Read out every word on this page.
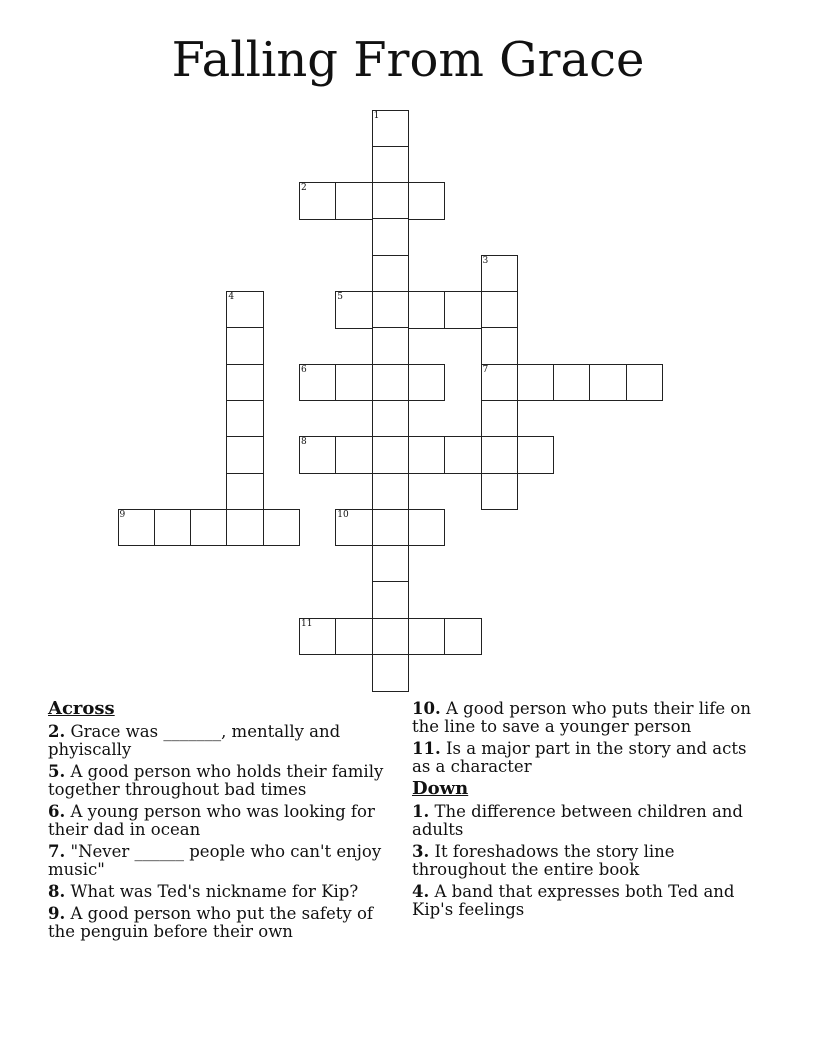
Falling From Grace
1
2
3
4	5
6	7
8
9	10
11
Across
2 . Grace was _______, mentally and phyiscally
5 . A good person who holds their family together throughout bad times
6 . A young person who was looking for their dad in ocean
7 . "Never ______ people who can't enjoy music"
8 . What was Ted's nickname for Kip?
9 . A good person who put the safety of the penguin before their own
10 . A good person who puts their life on the line to save a younger person
11 . Is a major part in the story and acts as a character
Down
1 . The difference between children and adults
3 . It foreshadows the story line throughout the entire book
4 . A band that expresses both Ted and Kip's feelings
